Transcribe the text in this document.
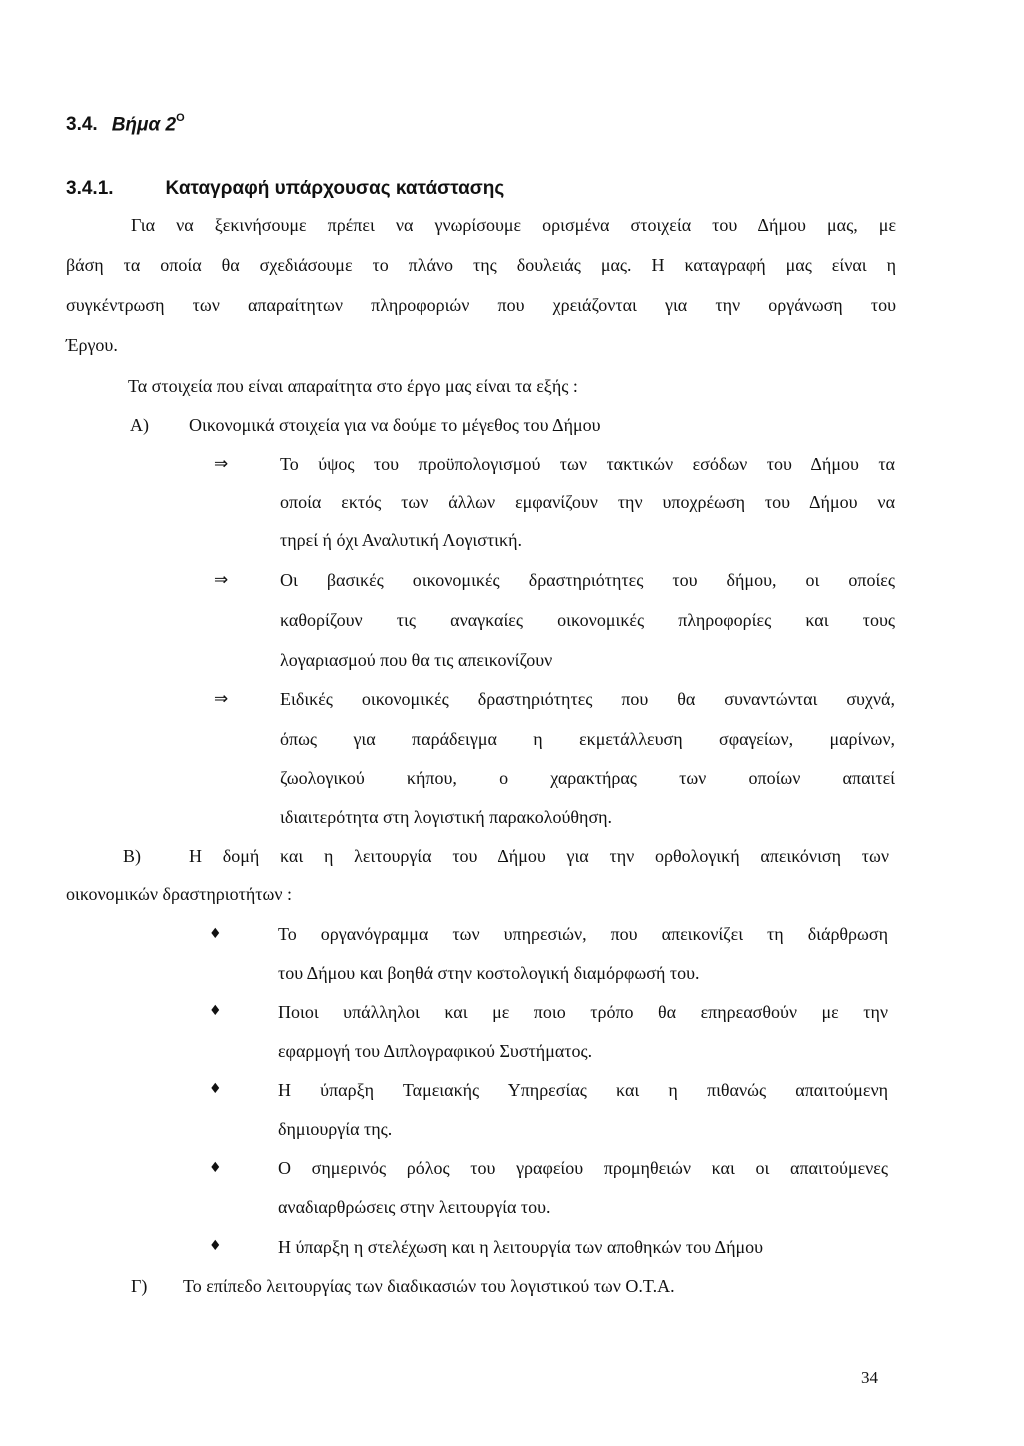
3.4. Βήμα $2^O$
3.4.1.	Καταγραφή υπάρχουσας κατάστασης
Για να ξεκινήσουμε πρέπει να γνωρίσουμε ορισμένα στοιχεία του Δήμου μας, με
βάση τα οποία θα σχεδιάσουμε το πλάνο της δουλειάς μας. Η καταγραφή μας είναι η
συγκέντρωση των απαραίτητων πληροφοριών που χρειάζονται για την οργάνωση του
Έργου.
Τα στοιχεία που είναι απαραίτητα στο έργο μας είναι τα εξής :
Α) Οικονομικά στοιχεία για να δούμε το μέγεθος του Δήμου
⇒	Το ύψος του προϋπολογισμού των τακτικών εσόδων του Δήμου τα
οποία εκτός των άλλων εμφανίζουν την υποχρέωση του Δήμου να
τηρεί ή όχι Αναλυτική Λογιστική.
⇒	Οι βασικές οικονομικές δραστηριότητες του δήμου, οι οποίες
καθορίζουν τις αναγκαίες οικονομικές πληροφορίες και τους
λογαριασμού που θα τις απεικονίζουν
⇒	Ειδικές οικονομικές δραστηριότητες που θα συναντώνται συχνά,
όπως για παράδειγμα η εκμετάλλευση σφαγείων, μαρίνων,
ζωολογικού κήπου, ο χαρακτήρας των οποίων απαιτεί
ιδιαιτερότητα στη λογιστική παρακολούθηση.
Β)	Η δομή και η λειτουργία του Δήμου για την ορθολογική απεικόνιση των
οικονομικών δραστηριοτήτων :
♦	Το οργανόγραμμα των υπηρεσιών, που απεικονίζει τη διάρθρωση
του Δήμου και βοηθά στην κοστολογική διαμόρφωσή του.
♦	Ποιοι υπάλληλοι και με ποιο τρόπο θα επηρεασθούν με την
εφαρμογή του Διπλογραφικού Συστήματος.
♦	Η ύπαρξη Ταμειακής Υπηρεσίας και η πιθανώς απαιτούμενη
δημιουργία της.
♦	Ο σημερινός ρόλος του γραφείου προμηθειών και οι απαιτούμενες
αναδιαρθρώσεις στην λειτουργία του.
♦	Η ύπαρξη η στελέχωση και η λειτουργία των αποθηκών του Δήμου
Γ) Το επίπεδο λειτουργίας των διαδικασιών του λογιστικού των Ο.Τ.Α.
34
